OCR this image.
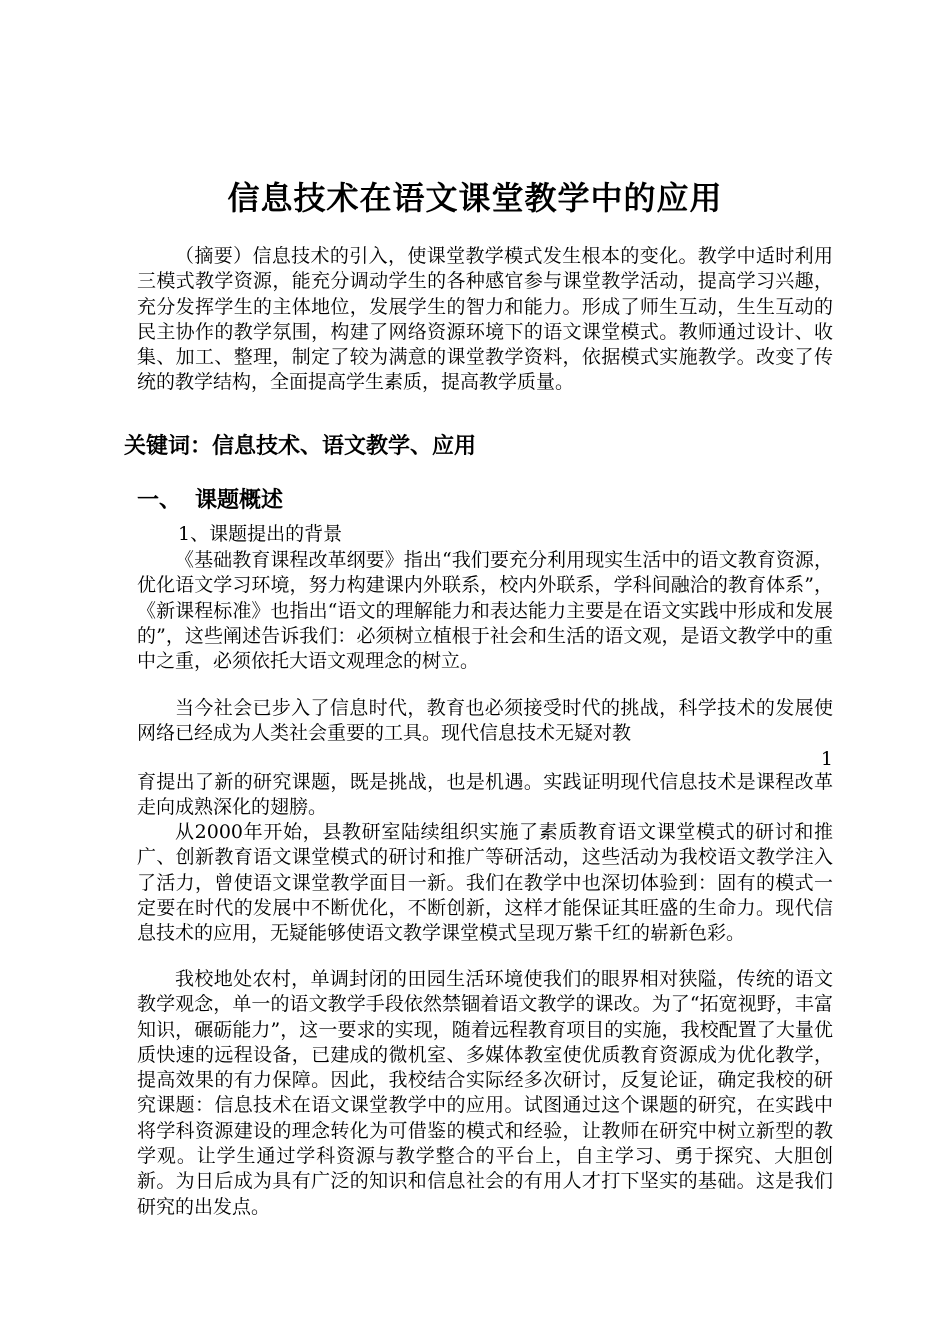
信息技术在语文课堂教学中的应用

（摘要）信息技术的引入，使课堂教学模式发生根本的变化。教学中适时利用三模式教学资源，能充分调动学生的各种感官参与课堂教学活动，提高学习兴趣，充分发挥学生的主体地位，发展学生的智力和能力。形成了师生互动，生生互动的民主协作的教学氛围，构建了网络资源环境下的语文课堂模式。教师通过设计、收集、加工、整理，制定了较为满意的课堂教学资料，依据模式实施教学。改变了传统的教学结构，全面提高学生素质，提高教学质量。

关键词：信息技术、语文教学、应用
一、 课题概述
1、课题提出的背景

《基础教育课程改革纲要》指出“我们要充分利用现实生活中的语文教育资源，优化语文学习环境，努力构建课内外联系，校内外联系，学科间融洽的教育体系”，《新课程标准》也指出“语文的理解能力和表达能力主要是在语文实践中形成和发展的”，这些阐述告诉我们：必须树立植根于社会和生活的语文观，是语文教学中的重中之重，必须依托大语文观理念的树立。

当今社会已步入了信息时代，教育也必须接受时代的挑战，科学技术的发展使网络已经成为人类社会重要的工具。现代信息技术无疑对教

1

育提出了新的研究课题，既是挑战，也是机遇。实践证明现代信息技术是课程改革走向成熟深化的翅膀。

从2000年开始，县教研室陆续组织实施了素质教育语文课堂模式的研讨和推广、创新教育语文课堂模式的研讨和推广等研活动，这些活动为我校语文教学注入了活力，曾使语文课堂教学面目一新。我们在教学中也深切体验到：固有的模式一定要在时代的发展中不断优化，不断创新，这样才能保证其旺盛的生命力。现代信息技术的应用，无疑能够使语文教学课堂模式呈现万紫千红的崭新色彩。

我校地处农村，单调封闭的田园生活环境使我们的眼界相对狭隘，传统的语文教学观念，单一的语文教学手段依然禁锢着语文教学的课改。为了“拓宽视野，丰富知识，碾砺能力”，这一要求的实现，随着远程教育项目的实施，我校配置了大量优质快速的远程设备，已建成的微机室、多媒体教室使优质教育资源成为优化教学，提高效果的有力保障。因此，我校结合实际经多次研讨，反复论证，确定我校的研究课题：信息技术在语文课堂教学中的应用。试图通过这个课题的研究，在实践中将学科资源建设的理念转化为可借鉴的模式和经验，让教师在研究中树立新型的教学观。让学生通过学科资源与教学整合的平台上，自主学习、勇于探究、大胆创新。为日后成为具有广泛的知识和信息社会的有用人才打下坚实的基础。这是我们研究的出发点。
